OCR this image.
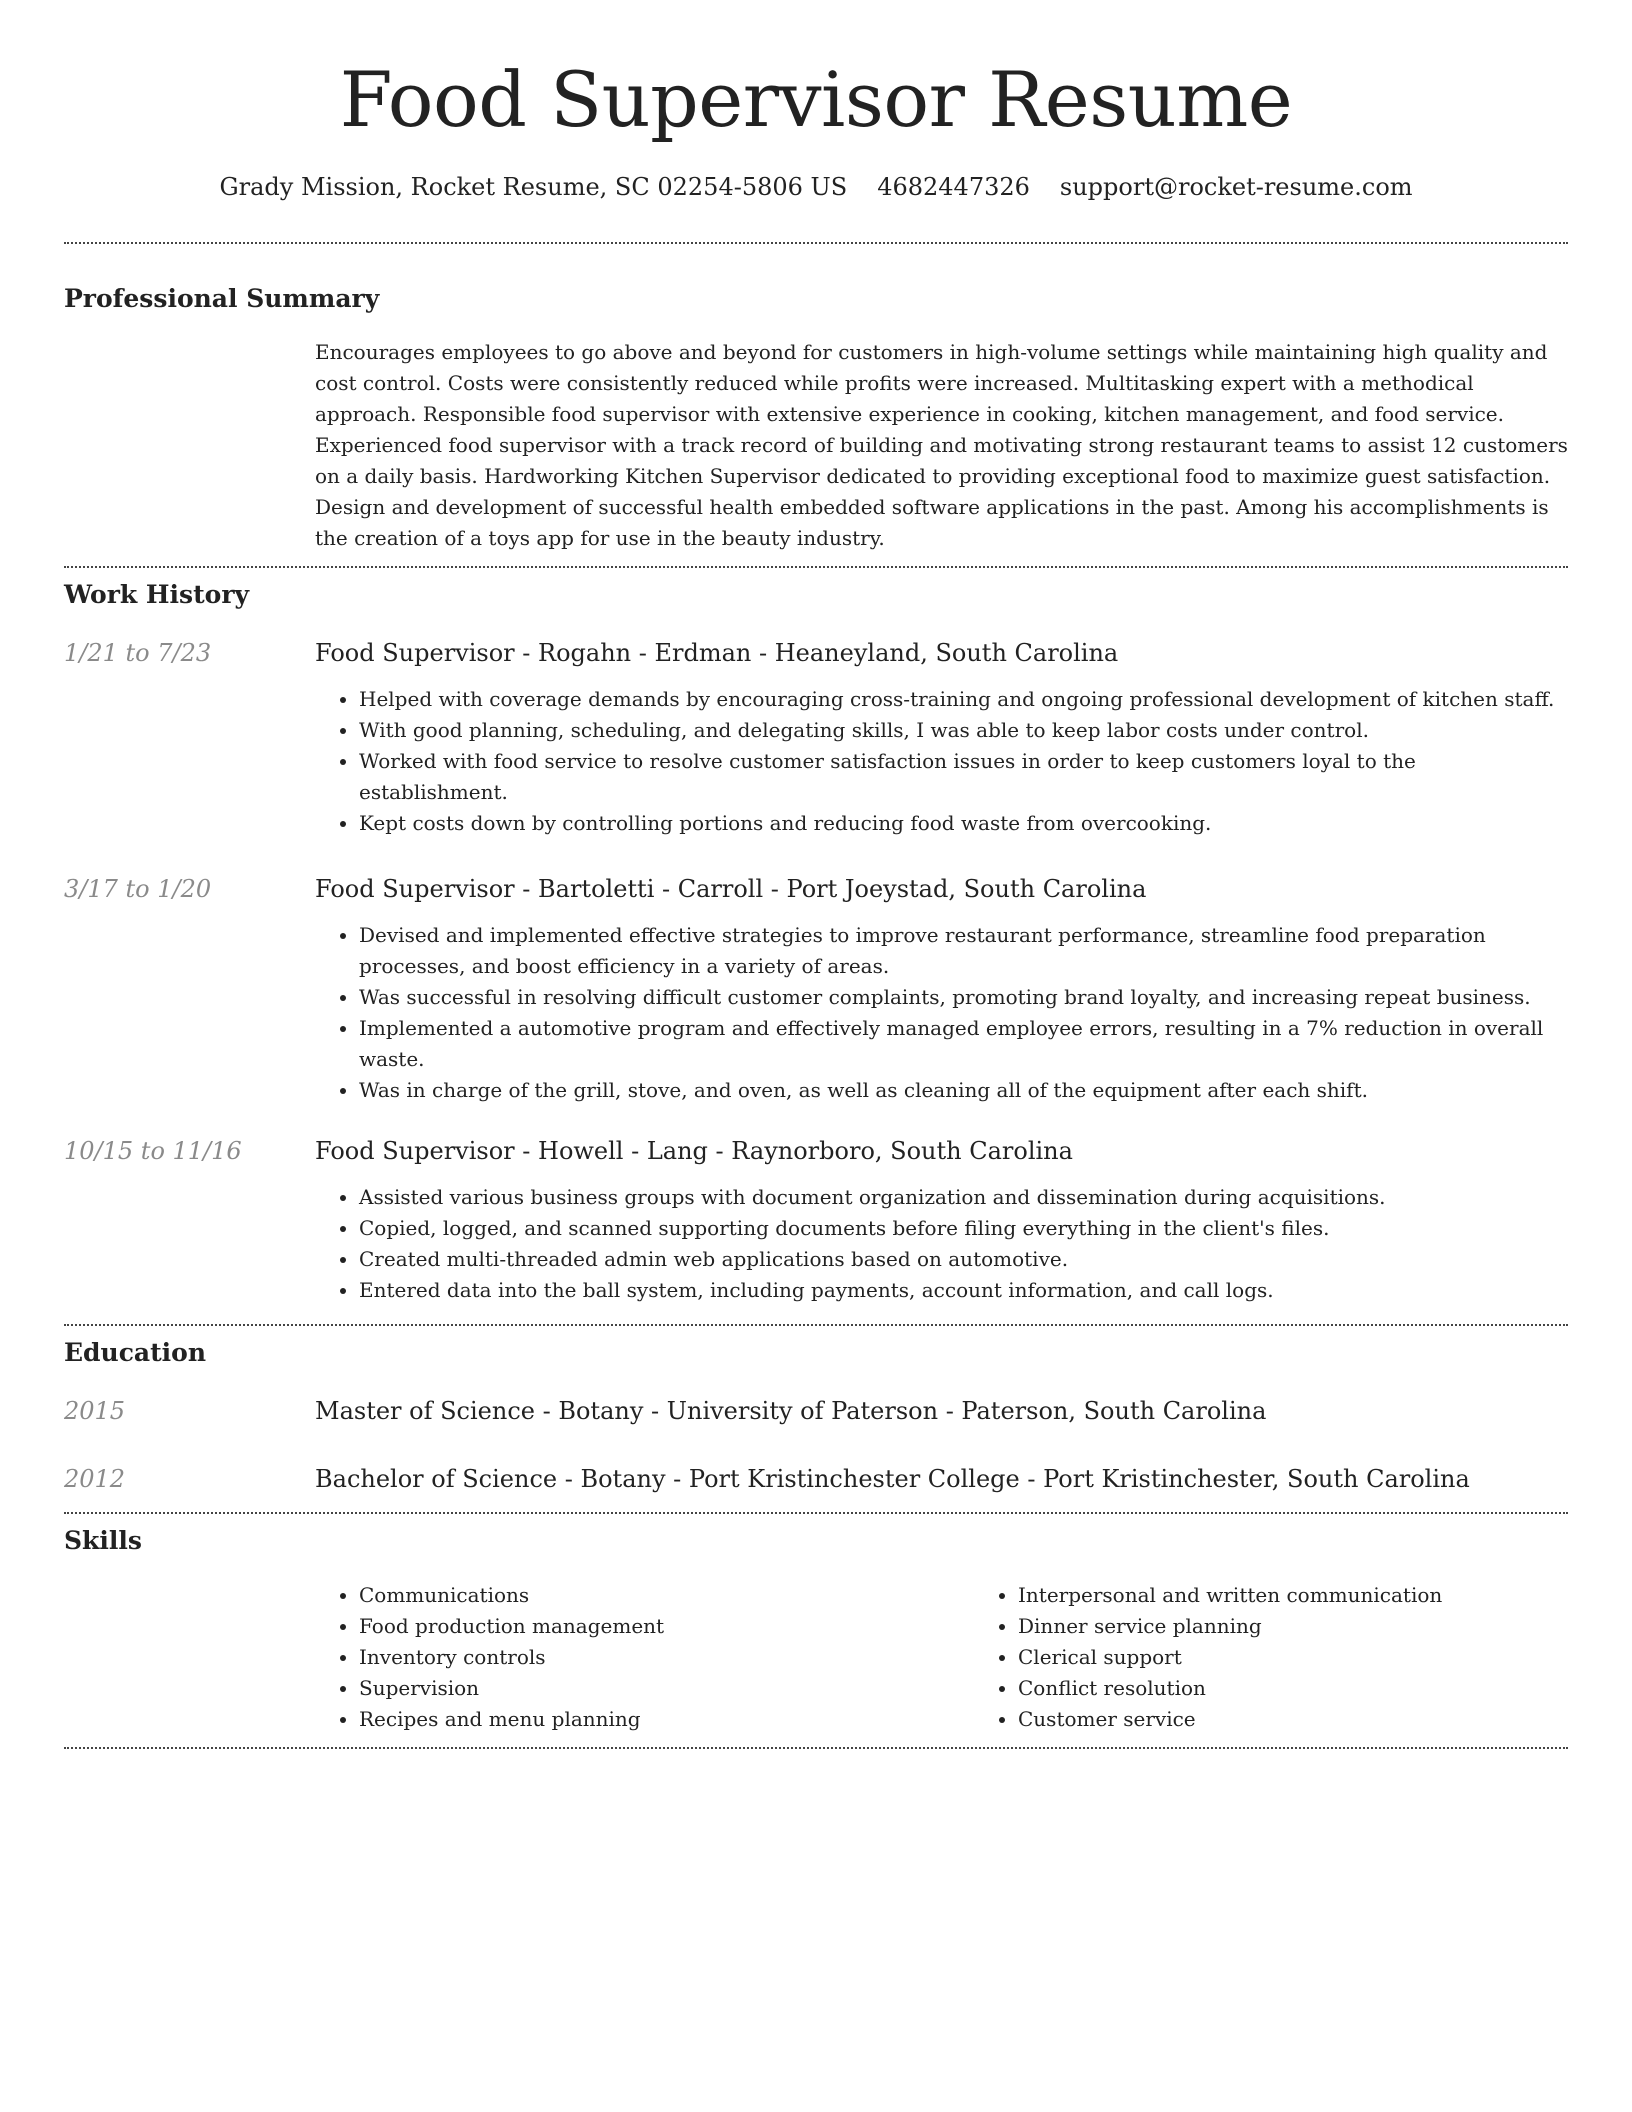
Food Supervisor Resume
Grady Mission, Rocket Resume, SC 02254-5806 US 4682447326 support@rocket-resume.com
Professional Summary
Encourages employees to go above and beyond for customers in high-volume settings while maintaining high quality and cost control. Costs were consistently reduced while profits were increased. Multitasking expert with a methodical approach. Responsible food supervisor with extensive experience in cooking, kitchen management, and food service. Experienced food supervisor with a track record of building and motivating strong restaurant teams to assist 12 customers on a daily basis. Hardworking Kitchen Supervisor dedicated to providing exceptional food to maximize guest satisfaction. Design and development of successful health embedded software applications in the past. Among his accomplishments is the creation of a toys app for use in the beauty industry.
Work History
1/21 to 7/23	Food Supervisor - Rogahn - Erdman - Heaneyland, South Carolina
• Helped with coverage demands by encouraging cross-training and ongoing professional development of kitchen staff.
• With good planning, scheduling, and delegating skills, I was able to keep labor costs under control.
• Worked with food service to resolve customer satisfaction issues in order to keep customers loyal to the establishment.
• Kept costs down by controlling portions and reducing food waste from overcooking.
3/17 to 1/20	Food Supervisor - Bartoletti - Carroll - Port Joeystad, South Carolina
• Devised and implemented effective strategies to improve restaurant performance, streamline food preparation processes, and boost efficiency in a variety of areas.
• Was successful in resolving difficult customer complaints, promoting brand loyalty, and increasing repeat business.
• Implemented a automotive program and effectively managed employee errors, resulting in a 7% reduction in overall waste.
• Was in charge of the grill, stove, and oven, as well as cleaning all of the equipment after each shift.
10/15 to 11/16	Food Supervisor - Howell - Lang - Raynorboro, South Carolina
• Assisted various business groups with document organization and dissemination during acquisitions.
• Copied, logged, and scanned supporting documents before filing everything in the client's files.
• Created multi-threaded admin web applications based on automotive.
• Entered data into the ball system, including payments, account information, and call logs.
Education
2015	Master of Science - Botany - University of Paterson - Paterson, South Carolina
2012	Bachelor of Science - Botany - Port Kristinchester College - Port Kristinchester, South Carolina
Skills
• Communications
• Food production management
• Inventory controls
• Supervision
• Recipes and menu planning
• Interpersonal and written communication
• Dinner service planning
• Clerical support
• Conflict resolution
• Customer service
